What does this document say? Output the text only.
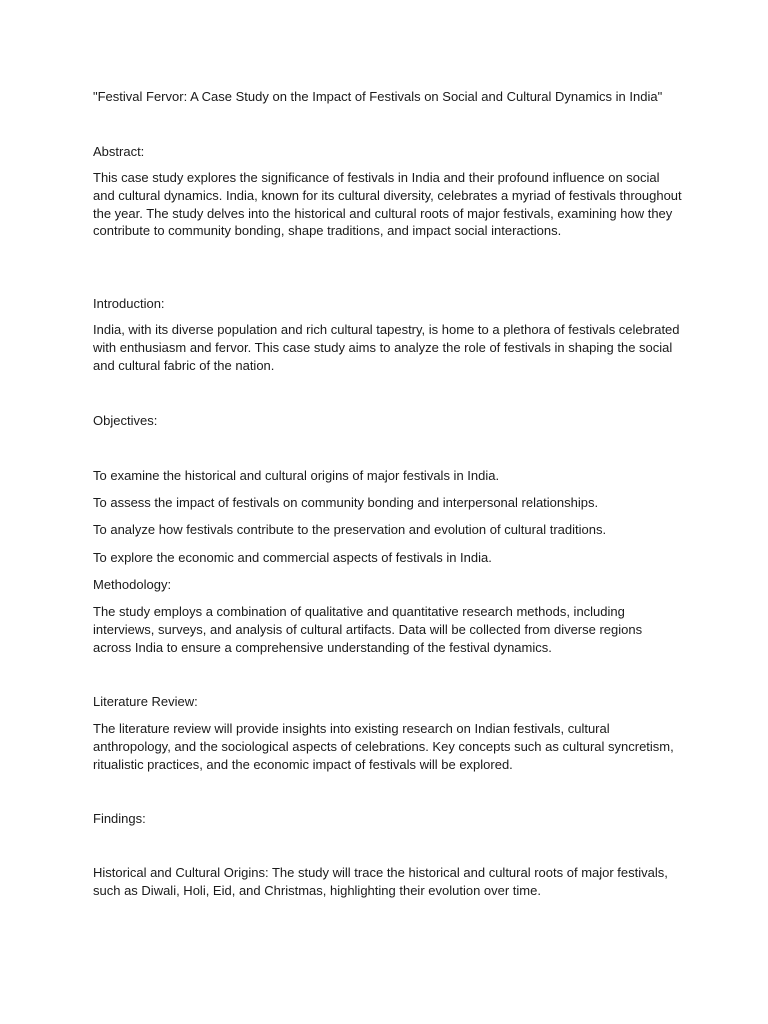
"Festival Fervor: A Case Study on the Impact of Festivals on Social and Cultural Dynamics in India"

Abstract:

This case study explores the significance of festivals in India and their profound influence on social and cultural dynamics. India, known for its cultural diversity, celebrates a myriad of festivals throughout the year. The study delves into the historical and cultural roots of major festivals, examining how they contribute to community bonding, shape traditions, and impact social interactions.

Introduction:

India, with its diverse population and rich cultural tapestry, is home to a plethora of festivals celebrated with enthusiasm and fervor. This case study aims to analyze the role of festivals in shaping the social and cultural fabric of the nation.

Objectives:

To examine the historical and cultural origins of major festivals in India.

To assess the impact of festivals on community bonding and interpersonal relationships.

To analyze how festivals contribute to the preservation and evolution of cultural traditions.

To explore the economic and commercial aspects of festivals in India.

Methodology:

The study employs a combination of qualitative and quantitative research methods, including interviews, surveys, and analysis of cultural artifacts. Data will be collected from diverse regions across India to ensure a comprehensive understanding of the festival dynamics.

Literature Review:

The literature review will provide insights into existing research on Indian festivals, cultural anthropology, and the sociological aspects of celebrations. Key concepts such as cultural syncretism, ritualistic practices, and the economic impact of festivals will be explored.

Findings:

Historical and Cultural Origins: The study will trace the historical and cultural roots of major festivals, such as Diwali, Holi, Eid, and Christmas, highlighting their evolution over time.
